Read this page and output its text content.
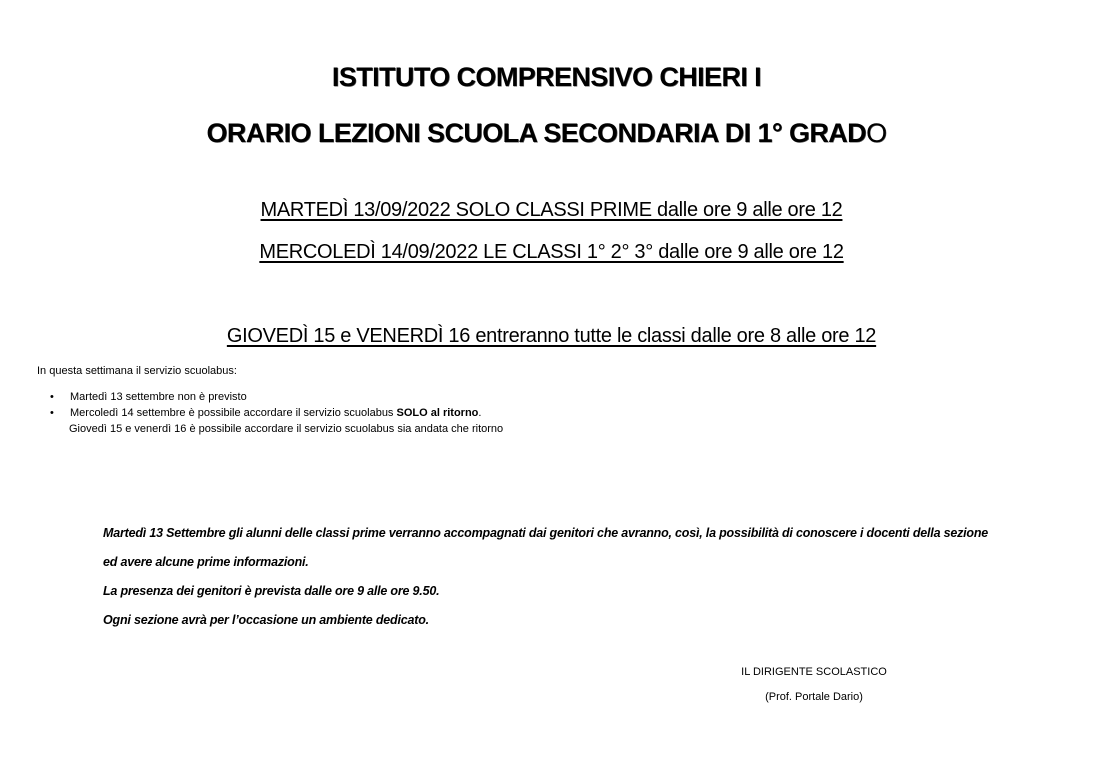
ISTITUTO COMPRENSIVO CHIERI I
ORARIO LEZIONI SCUOLA SECONDARIA DI 1° GRADO
MARTEDÌ 13/09/2022 SOLO CLASSI PRIME dalle ore 9 alle ore 12
MERCOLEDÌ 14/09/2022 LE CLASSI 1° 2° 3° dalle ore 9 alle ore 12
GIOVEDÌ 15 e VENERDÌ 16 entreranno tutte le classi dalle ore 8 alle ore 12
In questa settimana il servizio scuolabus:
• Martedì 13 settembre non è previsto
• Mercoledì 14 settembre è possibile accordare il servizio scuolabus SOLO al ritorno.
Giovedì 15 e venerdì 16 è possibile accordare il servizio scuolabus sia andata che ritorno
Martedì 13 Settembre gli alunni delle classi prime verranno accompagnati dai genitori che avranno, così, la possibilità di conoscere i docenti della sezione
ed avere alcune prime informazioni.
La presenza dei genitori è prevista dalle ore 9 alle ore 9.50.
Ogni sezione avrà per l’occasione un ambiente dedicato.
IL DIRIGENTE SCOLASTICO
(Prof. Portale Dario)
